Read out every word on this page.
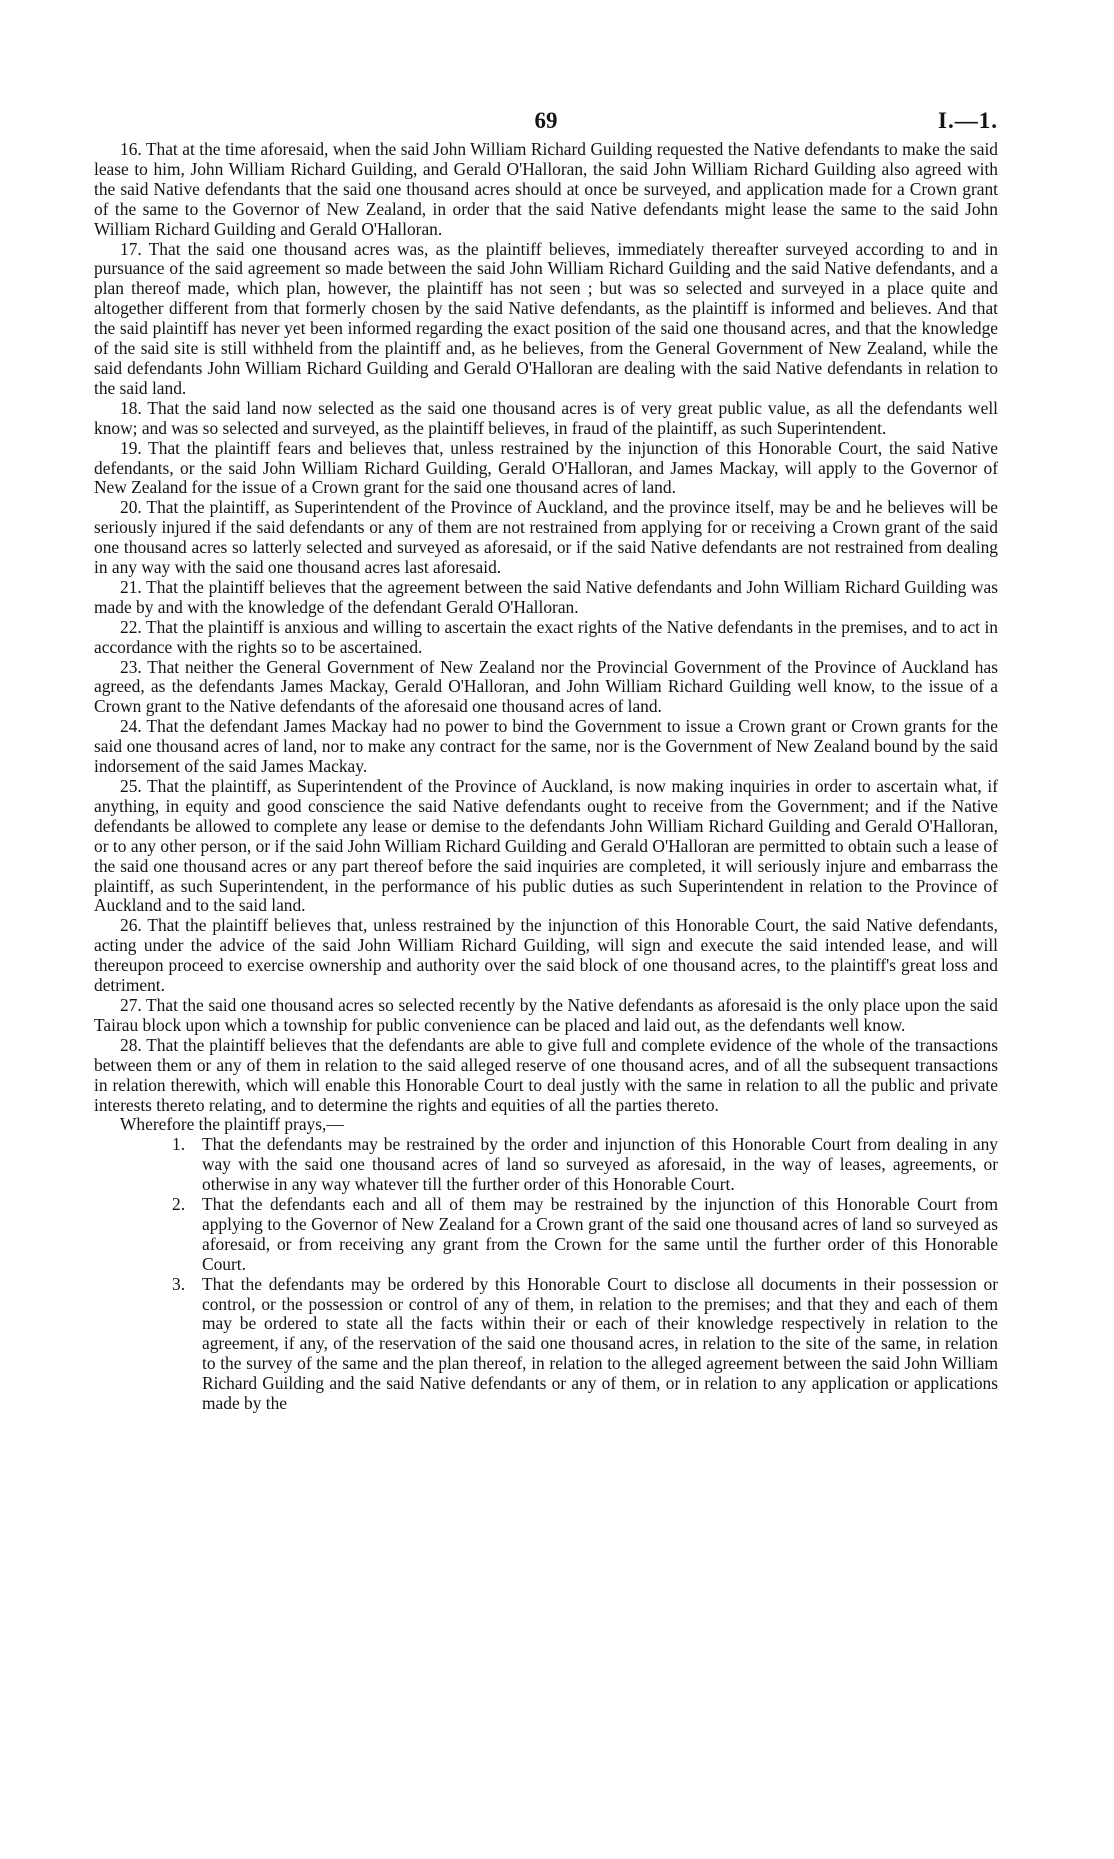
69	I.—1.

16. That at the time aforesaid, when the said John William Richard Guilding requested the Native defendants to make the said lease to him, John William Richard Guilding, and Gerald O'Halloran, the said John William Richard Guilding also agreed with the said Native defendants that the said one thousand acres should at once be surveyed, and application made for a Crown grant of the same to the Governor of New Zealand, in order that the said Native defendants might lease the same to the said John William Richard Guilding and Gerald O'Halloran.

17. That the said one thousand acres was, as the plaintiff believes, immediately thereafter surveyed according to and in pursuance of the said agreement so made between the said John William Richard Guilding and the said Native defendants, and a plan thereof made, which plan, however, the plaintiff has not seen ; but was so selected and surveyed in a place quite and altogether different from that formerly chosen by the said Native defendants, as the plaintiff is informed and believes. And that the said plaintiff has never yet been informed regarding the exact position of the said one thousand acres, and that the knowledge of the said site is still withheld from the plaintiff and, as he believes, from the General Government of New Zealand, while the said defendants John William Richard Guilding and Gerald O'Halloran are dealing with the said Native defendants in relation to the said land.

18. That the said land now selected as the said one thousand acres is of very great public value, as all the defendants well know; and was so selected and surveyed, as the plaintiff believes, in fraud of the plaintiff, as such Superintendent.

19. That the plaintiff fears and believes that, unless restrained by the injunction of this Honorable Court, the said Native defendants, or the said John William Richard Guilding, Gerald O'Halloran, and James Mackay, will apply to the Governor of New Zealand for the issue of a Crown grant for the said one thousand acres of land.

20. That the plaintiff, as Superintendent of the Province of Auckland, and the province itself, may be and he believes will be seriously injured if the said defendants or any of them are not restrained from applying for or receiving a Crown grant of the said one thousand acres so latterly selected and surveyed as aforesaid, or if the said Native defendants are not restrained from dealing in any way with the said one thousand acres last aforesaid.

21. That the plaintiff believes that the agreement between the said Native defendants and John William Richard Guilding was made by and with the knowledge of the defendant Gerald O'Halloran.

22. That the plaintiff is anxious and willing to ascertain the exact rights of the Native defendants in the premises, and to act in accordance with the rights so to be ascertained.

23. That neither the General Government of New Zealand nor the Provincial Government of the Province of Auckland has agreed, as the defendants James Mackay, Gerald O'Halloran, and John William Richard Guilding well know, to the issue of a Crown grant to the Native defendants of the aforesaid one thousand acres of land.

24. That the defendant James Mackay had no power to bind the Government to issue a Crown grant or Crown grants for the said one thousand acres of land, nor to make any contract for the same, nor is the Government of New Zealand bound by the said indorsement of the said James Mackay.

25. That the plaintiff, as Superintendent of the Province of Auckland, is now making inquiries in order to ascertain what, if anything, in equity and good conscience the said Native defendants ought to receive from the Government; and if the Native defendants be allowed to complete any lease or demise to the defendants John William Richard Guilding and Gerald O'Halloran, or to any other person, or if the said John William Richard Guilding and Gerald O'Halloran are permitted to obtain such a lease of the said one thousand acres or any part thereof before the said inquiries are completed, it will seriously injure and embarrass the plaintiff, as such Superintendent, in the performance of his public duties as such Superintendent in relation to the Province of Auckland and to the said land.

26. That the plaintiff believes that, unless restrained by the injunction of this Honorable Court, the said Native defendants, acting under the advice of the said John William Richard Guilding, will sign and execute the said intended lease, and will thereupon proceed to exercise ownership and authority over the said block of one thousand acres, to the plaintiff's great loss and detriment.

27. That the said one thousand acres so selected recently by the Native defendants as aforesaid is the only place upon the said Tairau block upon which a township for public convenience can be placed and laid out, as the defendants well know.

28. That the plaintiff believes that the defendants are able to give full and complete evidence of the whole of the transactions between them or any of them in relation to the said alleged reserve of one thousand acres, and of all the subsequent transactions in relation therewith, which will enable this Honorable Court to deal justly with the same in relation to all the public and private interests thereto relating, and to determine the rights and equities of all the parties thereto.

Wherefore the plaintiff prays,—

1. That the defendants may be restrained by the order and injunction of this Honorable Court from dealing in any way with the said one thousand acres of land so surveyed as aforesaid, in the way of leases, agreements, or otherwise in any way whatever till the further order of this Honorable Court.
2. That the defendants each and all of them may be restrained by the injunction of this Honorable Court from applying to the Governor of New Zealand for a Crown grant of the said one thousand acres of land so surveyed as aforesaid, or from receiving any grant from the Crown for the same until the further order of this Honorable Court.
3. That the defendants may be ordered by this Honorable Court to disclose all documents in their possession or control, or the possession or control of any of them, in relation to the premises; and that they and each of them may be ordered to state all the facts within their or each of their knowledge respectively in relation to the agreement, if any, of the reservation of the said one thousand acres, in relation to the site of the same, in relation to the survey of the same and the plan thereof, in relation to the alleged agreement between the said John William Richard Guilding and the said Native defendants or any of them, or in relation to any application or applications made by the
